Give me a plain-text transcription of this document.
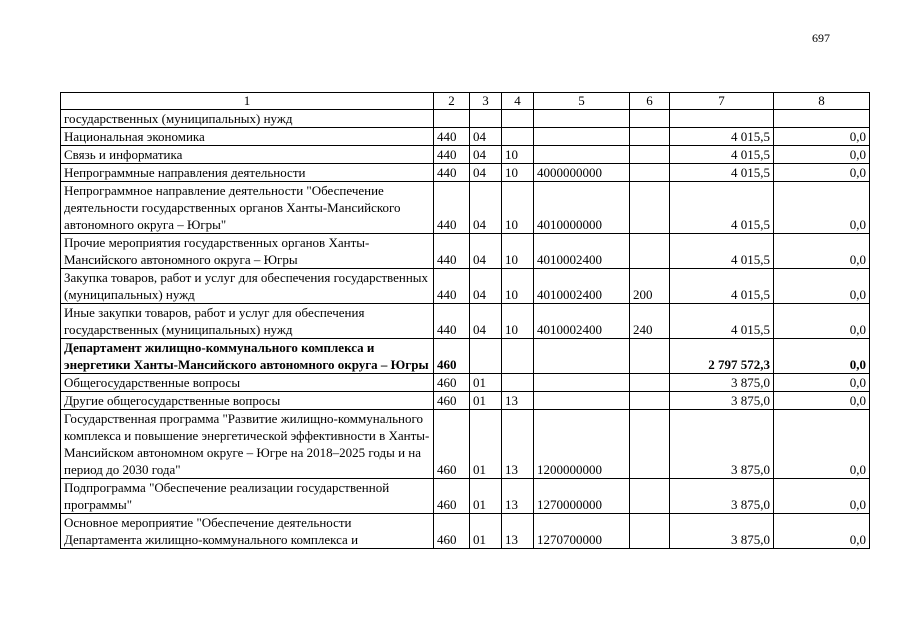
697
1	2	3	4	5	6	7	8
государственных (муниципальных) нужд							
Национальная экономика	440	04				4 015,5	0,0
Связь и информатика	440	04	10			4 015,5	0,0
Непрограммные направления деятельности	440	04	10	4000000000		4 015,5	0,0
Непрограммное направление деятельности "Обеспечение деятельности государственных органов Ханты-Мансийского автономного округа – Югры"	440	04	10	4010000000		4 015,5	0,0
Прочие мероприятия государственных органов Ханты-Мансийского автономного округа – Югры	440	04	10	4010002400		4 015,5	0,0
Закупка товаров, работ и услуг для обеспечения государственных (муниципальных) нужд	440	04	10	4010002400	200	4 015,5	0,0
Иные закупки товаров, работ и услуг для обеспечения государственных (муниципальных) нужд	440	04	10	4010002400	240	4 015,5	0,0
Департамент жилищно-коммунального комплекса и энергетики Ханты-Мансийского автономного округа – Югры	460					2 797 572,3	0,0
Общегосударственные вопросы	460	01				3 875,0	0,0
Другие общегосударственные вопросы	460	01	13			3 875,0	0,0
Государственная программа "Развитие жилищно-коммунального комплекса и повышение энергетической эффективности в Ханты-Мансийском автономном округе – Югре на 2018–2025 годы и на период до 2030 года"	460	01	13	1200000000		3 875,0	0,0
Подпрограмма "Обеспечение реализации государственной программы"	460	01	13	1270000000		3 875,0	0,0
Основное мероприятие "Обеспечение деятельности Департамента жилищно-коммунального комплекса и	460	01	13	1270700000		3 875,0	0,0
